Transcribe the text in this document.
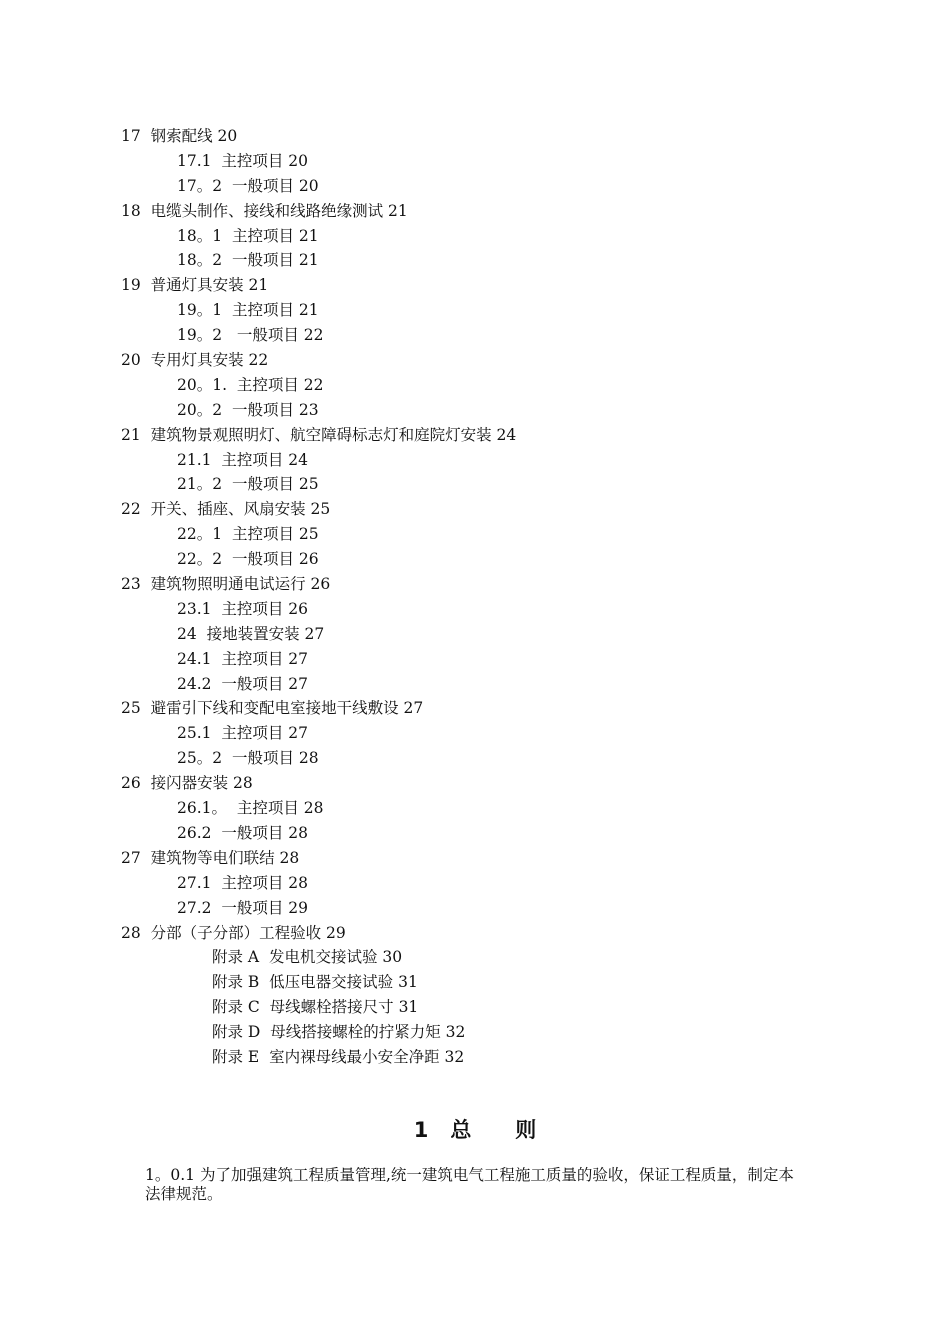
17  钢索配线 20
17.1  主控项目 20
17。2  一般项目 20
18  电缆头制作、接线和线路绝缘测试 21
18。1  主控项目 21
18。2  一般项目 21
19  普通灯具安装 21
19。1  主控项目 21
19。2   一般项目 22
20  专用灯具安装 22
20。1.  主控项目 22
20。2  一般项目 23
21  建筑物景观照明灯、航空障碍标志灯和庭院灯安装 24
21.1  主控项目 24
21。2  一般项目 25
22  开关、插座、风扇安装 25
22。1  主控项目 25
22。2  一般项目 26
23  建筑物照明通电试运行 26
23.1  主控项目 26
24  接地装置安装 27
24.1  主控项目 27
24.2  一般项目 27
25  避雷引下线和变配电室接地干线敷设 27
25.1  主控项目 27
25。2  一般项目 28
26  接闪器安装 28
26.1。  主控项目 28
26.2  一般项目 28
27  建筑物等电们联结 28
27.1  主控项目 28
27.2  一般项目 29
28  分部（子分部）工程验收 29
附录 A  发电机交接试验 30
附录 B  低压电器交接试验 31
附录 C  母线螺栓搭接尺寸 31
附录 D  母线搭接螺栓的拧紧力矩 32
附录 E  室内裸母线最小安全净距 32
1   总      则
1。0.1 为了加强建筑工程质量管理,统一建筑电气工程施工质量的验收，保证工程质量，制定本法律规范。
